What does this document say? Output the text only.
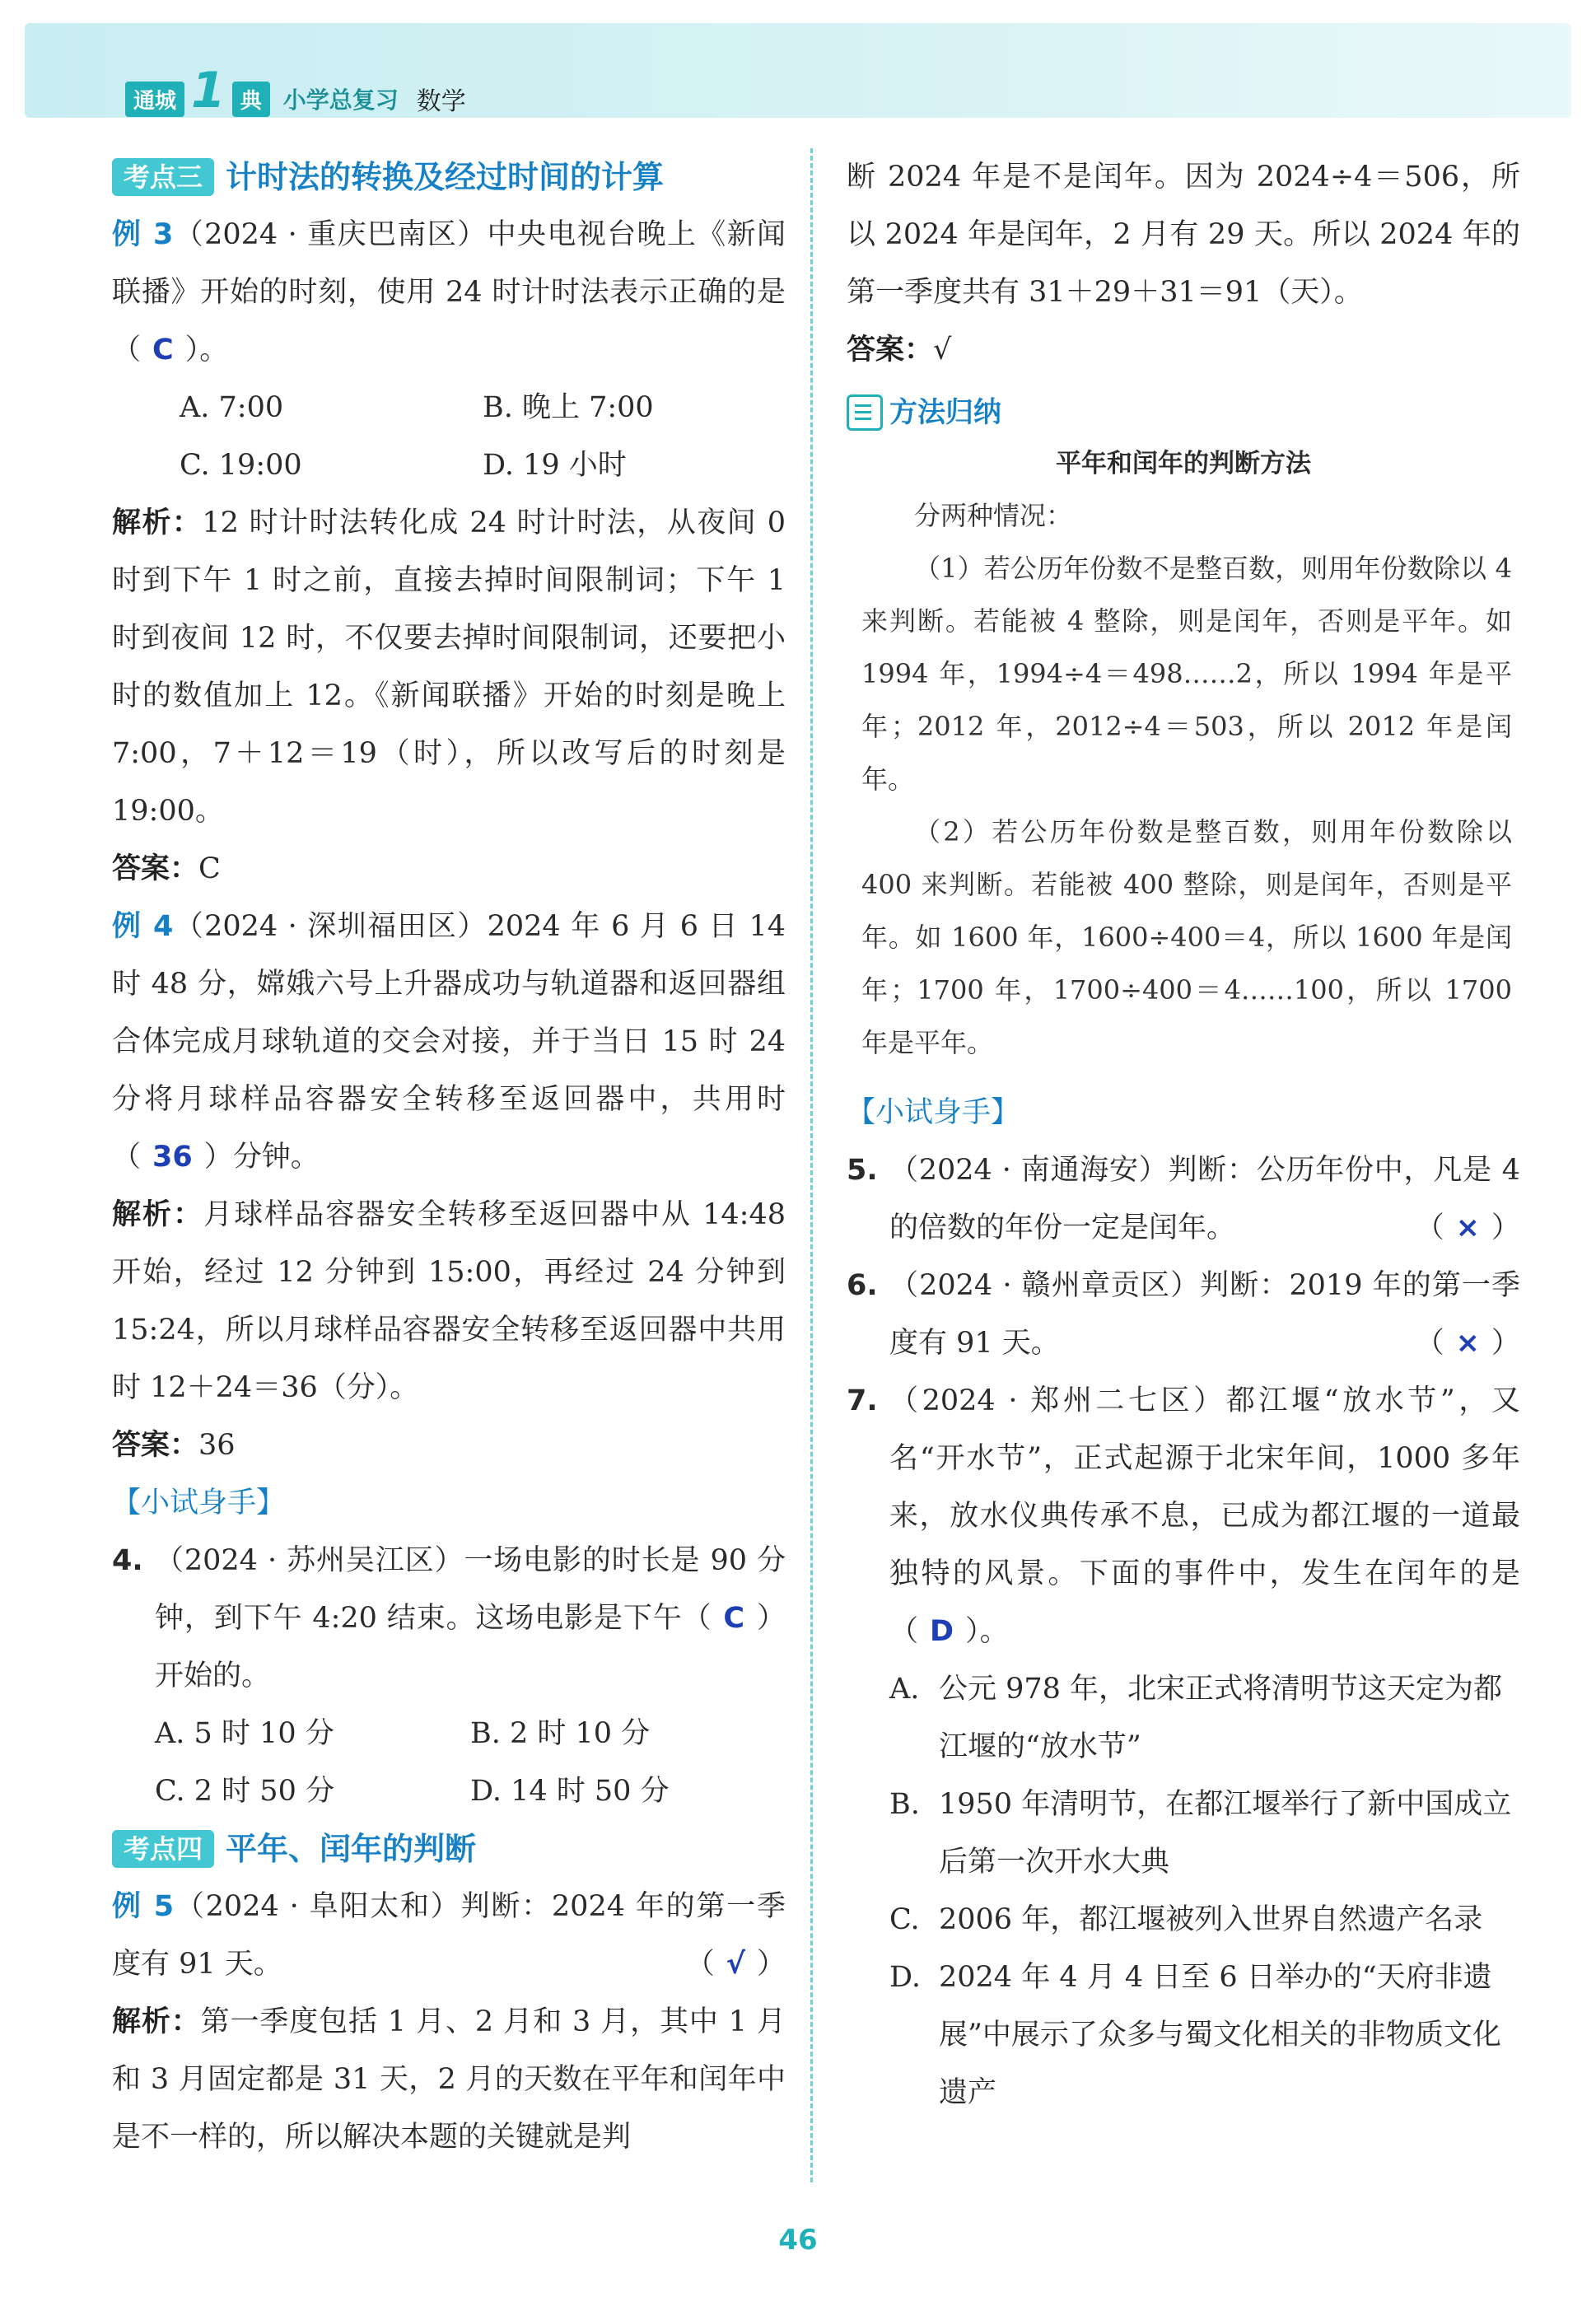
通城 1 典 小学总复习 数学
考点三 计时法的转换及经过时间的计算

例 3（2024 · 重庆巴南区）中央电视台晚上《新闻联播》开始的时刻，使用 24 时计时法表示正确的是（ C ）。

A. 7:00	B. 晚上 7:00
C. 19:00	D. 19 小时

解析：12 时计时法转化成 24 时计时法，从夜间 0 时到下午 1 时之前，直接去掉时间限制词；下午 1 时到夜间 12 时，不仅要去掉时间限制词，还要把小时的数值加上 12。《新闻联播》开始的时刻是晚上 7:00，7＋12＝19（时），所以改写后的时刻是 19:00。

答案：C

例 4（2024 · 深圳福田区）2024 年 6 月 6 日 14 时 48 分，嫦娥六号上升器成功与轨道器和返回器组合体完成月球轨道的交会对接，并于当日 15 时 24 分将月球样品容器安全转移至返回器中，共用时（ 36 ）分钟。

解析：月球样品容器安全转移至返回器中从 14:48 开始，经过 12 分钟到 15:00，再经过 24 分钟到 15:24，所以月球样品容器安全转移至返回器中共用时 12＋24＝36（分）。

答案：36

【小试身手】

4. （2024 · 苏州吴江区）一场电影的时长是 90 分钟，到下午 4:20 结束。这场电影是下午（ C ）开始的。

A. 5 时 10 分	B. 2 时 10 分
C. 2 时 50 分	D. 14 时 50 分
考点四 平年、闰年的判断

例 5（2024 · 阜阳太和）判断：2024 年的第一季度有 91 天。	（ √ ）

解析：第一季度包括 1 月、2 月和 3 月，其中 1 月和 3 月固定都是 31 天，2 月的天数在平年和闰年中是不一样的，所以解决本题的关键就是判

断 2024 年是不是闰年。因为 2024÷4＝506，所以 2024 年是闰年，2 月有 29 天。所以 2024 年的第一季度共有 31＋29＋31＝91（天）。

答案：√

方法归纳
平年和闰年的判断方法

分两种情况：

（1）若公历年份数不是整百数，则用年份数除以 4 来判断。若能被 4 整除，则是闰年，否则是平年。如 1994 年，1994÷4＝498……2，所以 1994 年是平年；2012 年，2012÷4＝503，所以 2012 年是闰年。

（2）若公历年份数是整百数，则用年份数除以 400 来判断。若能被 400 整除，则是闰年，否则是平年。如 1600 年，1600÷400＝4，所以 1600 年是闰年；1700 年，1700÷400＝4……100，所以 1700 年是平年。

【小试身手】

5. （2024 · 南通海安）判断：公历年份中，凡是 4 的倍数的年份一定是闰年。	（ × ）
6. （2024 · 赣州章贡区）判断：2019 年的第一季度有 91 天。	（ × ）
7. （2024 · 郑州二七区）都江堰“放水节”，又名“开水节”，正式起源于北宋年间，1000 多年来，放水仪典传承不息，已成为都江堰的一道最独特的风景。下面的事件中，发生在闰年的是（ D ）。

A. 公元 978 年，北宋正式将清明节这天定为都江堰的“放水节”
B. 1950 年清明节，在都江堰举行了新中国成立后第一次开水大典
C. 2006 年，都江堰被列入世界自然遗产名录
D. 2024 年 4 月 4 日至 6 日举办的“天府非遗展”中展示了众多与蜀文化相关的非物质文化遗产
46
